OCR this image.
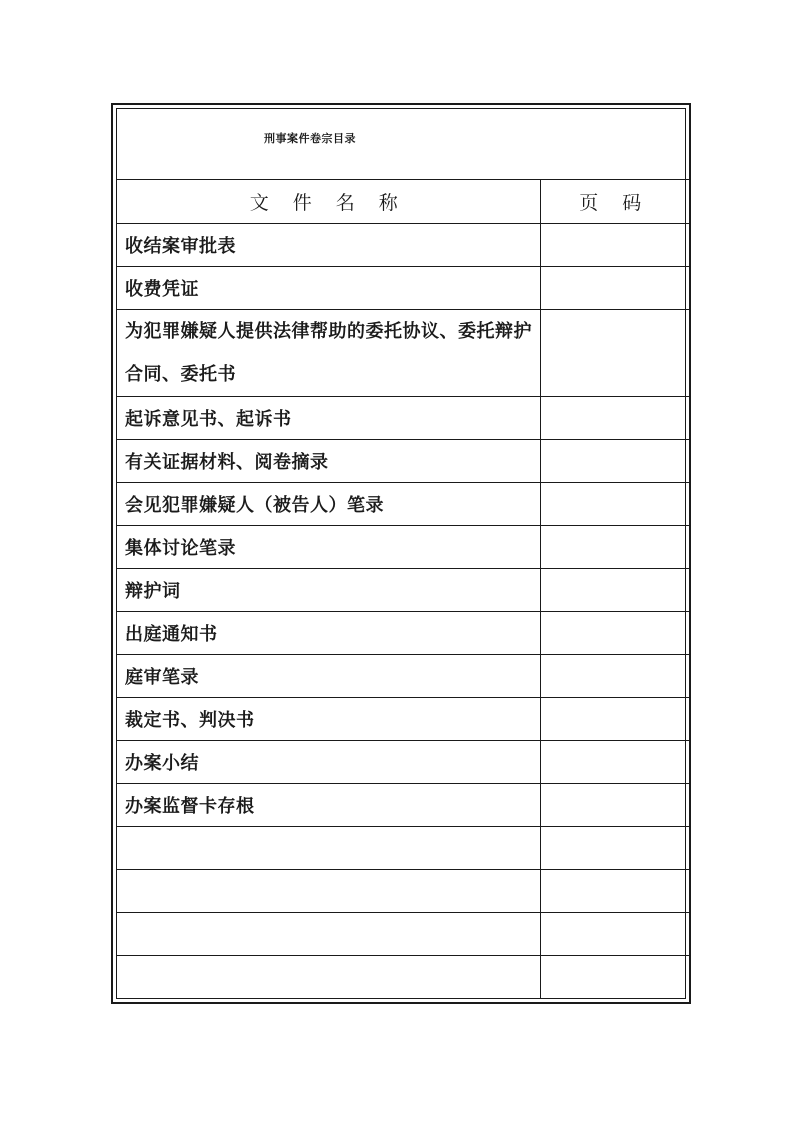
刑事案件卷宗目录	

文 件 名 称	页 码
收结案审批表	
收费凭证	
为犯罪嫌疑人提供法律帮助的委托协议、委托辩护合同、委托书	
起诉意见书、起诉书	
有关证据材料、阅卷摘录	
会见犯罪嫌疑人（被告人）笔录	
集体讨论笔录	
辩护词	
出庭通知书	
庭审笔录	
裁定书、判决书	
办案小结	
办案监督卡存根	
